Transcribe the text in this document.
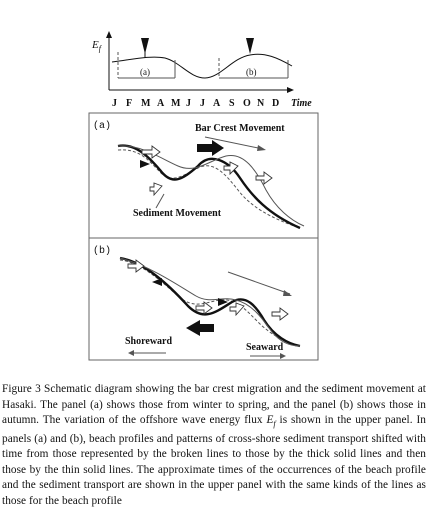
$E_f$
(a)	(b)
J F M A M J J A S O N D Time
(a)	Bar Crest Movement
Sediment Movement
(b)
Shoreward
Seaward

Figure 3 Schematic diagram showing the bar crest migration and the sediment movement at Hasaki. The panel (a) shows those from winter to spring, and the panel (b) shows those in autumn. The variation of the offshore wave energy flux $E_f$ is shown in the upper panel. In panels (a) and (b), beach profiles and patterns of cross-shore sediment transport shifted with time from those represented by the broken lines to those by the thick solid lines and then those by the thin solid lines. The approximate times of the occurrences of the beach profile and the sediment transport are shown in the upper panel with the same kinds of the lines as those for the beach profile
